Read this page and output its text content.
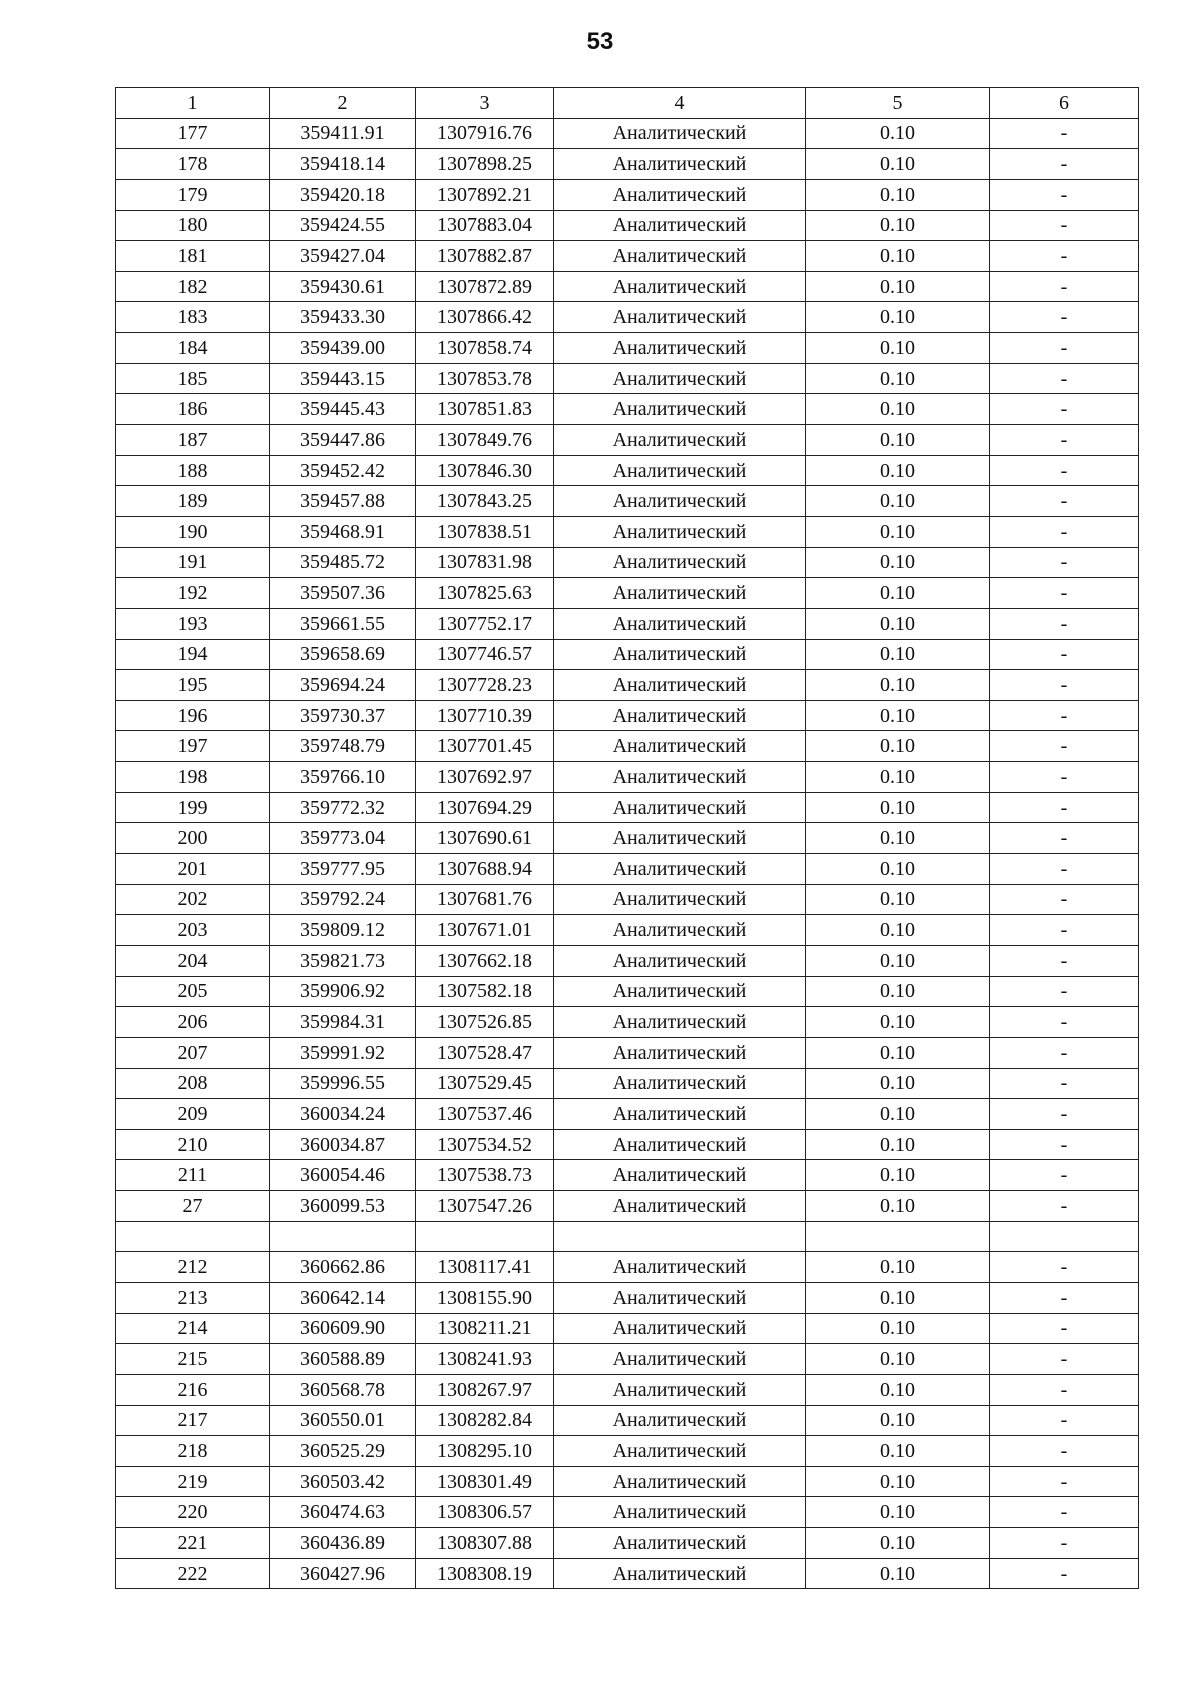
53
1	2	3	4	5	6
177	359411.91	1307916.76	Аналитический	0.10	-
178	359418.14	1307898.25	Аналитический	0.10	-
179	359420.18	1307892.21	Аналитический	0.10	-
180	359424.55	1307883.04	Аналитический	0.10	-
181	359427.04	1307882.87	Аналитический	0.10	-
182	359430.61	1307872.89	Аналитический	0.10	-
183	359433.30	1307866.42	Аналитический	0.10	-
184	359439.00	1307858.74	Аналитический	0.10	-
185	359443.15	1307853.78	Аналитический	0.10	-
186	359445.43	1307851.83	Аналитический	0.10	-
187	359447.86	1307849.76	Аналитический	0.10	-
188	359452.42	1307846.30	Аналитический	0.10	-
189	359457.88	1307843.25	Аналитический	0.10	-
190	359468.91	1307838.51	Аналитический	0.10	-
191	359485.72	1307831.98	Аналитический	0.10	-
192	359507.36	1307825.63	Аналитический	0.10	-
193	359661.55	1307752.17	Аналитический	0.10	-
194	359658.69	1307746.57	Аналитический	0.10	-
195	359694.24	1307728.23	Аналитический	0.10	-
196	359730.37	1307710.39	Аналитический	0.10	-
197	359748.79	1307701.45	Аналитический	0.10	-
198	359766.10	1307692.97	Аналитический	0.10	-
199	359772.32	1307694.29	Аналитический	0.10	-
200	359773.04	1307690.61	Аналитический	0.10	-
201	359777.95	1307688.94	Аналитический	0.10	-
202	359792.24	1307681.76	Аналитический	0.10	-
203	359809.12	1307671.01	Аналитический	0.10	-
204	359821.73	1307662.18	Аналитический	0.10	-
205	359906.92	1307582.18	Аналитический	0.10	-
206	359984.31	1307526.85	Аналитический	0.10	-
207	359991.92	1307528.47	Аналитический	0.10	-
208	359996.55	1307529.45	Аналитический	0.10	-
209	360034.24	1307537.46	Аналитический	0.10	-
210	360034.87	1307534.52	Аналитический	0.10	-
211	360054.46	1307538.73	Аналитический	0.10	-
27	360099.53	1307547.26	Аналитический	0.10	-

212	360662.86	1308117.41	Аналитический	0.10	-
213	360642.14	1308155.90	Аналитический	0.10	-
214	360609.90	1308211.21	Аналитический	0.10	-
215	360588.89	1308241.93	Аналитический	0.10	-
216	360568.78	1308267.97	Аналитический	0.10	-
217	360550.01	1308282.84	Аналитический	0.10	-
218	360525.29	1308295.10	Аналитический	0.10	-
219	360503.42	1308301.49	Аналитический	0.10	-
220	360474.63	1308306.57	Аналитический	0.10	-
221	360436.89	1308307.88	Аналитический	0.10	-
222	360427.96	1308308.19	Аналитический	0.10	-
